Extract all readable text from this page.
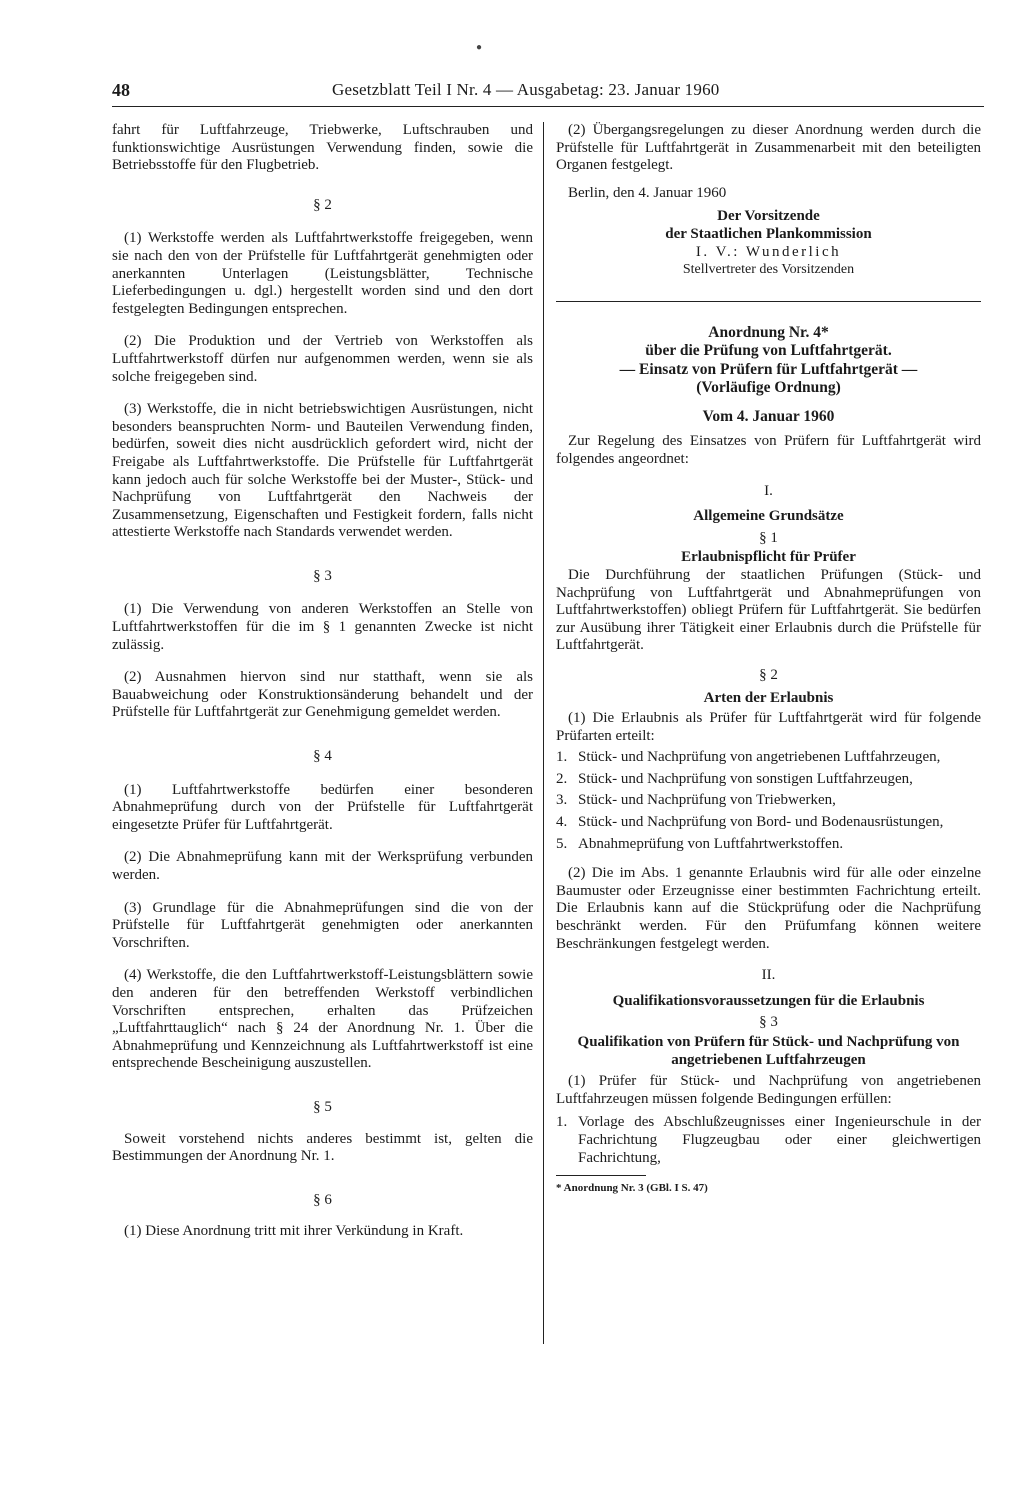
48	Gesetzblatt Teil I Nr. 4 — Ausgabetag: 23. Januar 1960
●

fahrt für Luftfahrzeuge, Triebwerke, Luftschrauben und funktionswichtige Ausrüstungen Verwendung finden, sowie die Betriebsstoffe für den Flugbetrieb.

§ 2

(1) Werkstoffe werden als Luftfahrtwerkstoffe freigegeben, wenn sie nach den von der Prüfstelle für Luftfahrtgerät genehmigten oder anerkannten Unterlagen (Leistungsblätter, Technische Lieferbedingungen u. dgl.) hergestellt worden sind und den dort festgelegten Bedingungen entsprechen.

(2) Die Produktion und der Vertrieb von Werkstoffen als Luftfahrtwerkstoff dürfen nur aufgenommen werden, wenn sie als solche freigegeben sind.

(3) Werkstoffe, die in nicht betriebswichtigen Ausrüstungen, nicht besonders beanspruchten Norm- und Bauteilen Verwendung finden, bedürfen, soweit dies nicht ausdrücklich gefordert wird, nicht der Freigabe als Luftfahrtwerkstoffe. Die Prüfstelle für Luftfahrtgerät kann jedoch auch für solche Werkstoffe bei der Muster-, Stück- und Nachprüfung von Luftfahrtgerät den Nachweis der Zusammensetzung, Eigenschaften und Festigkeit fordern, falls nicht attestierte Werkstoffe nach Standards verwendet werden.

§ 3

(1) Die Verwendung von anderen Werkstoffen an Stelle von Luftfahrtwerkstoffen für die im § 1 genannten Zwecke ist nicht zulässig.

(2) Ausnahmen hiervon sind nur statthaft, wenn sie als Bauabweichung oder Konstruktionsänderung behandelt und der Prüfstelle für Luftfahrtgerät zur Genehmigung gemeldet werden.

§ 4

(1) Luftfahrtwerkstoffe bedürfen einer besonderen Abnahmeprüfung durch von der Prüfstelle für Luftfahrtgerät eingesetzte Prüfer für Luftfahrtgerät.

(2) Die Abnahmeprüfung kann mit der Werksprüfung verbunden werden.

(3) Grundlage für die Abnahmeprüfungen sind die von der Prüfstelle für Luftfahrtgerät genehmigten oder anerkannten Vorschriften.

(4) Werkstoffe, die den Luftfahrtwerkstoff-Leistungsblättern sowie den anderen für den betreffenden Werkstoff verbindlichen Vorschriften entsprechen, erhalten das Prüfzeichen „Luftfahrttauglich“ nach § 24 der Anordnung Nr. 1. Über die Abnahmeprüfung und Kennzeichnung als Luftfahrtwerkstoff ist eine entsprechende Bescheinigung auszustellen.

§ 5

Soweit vorstehend nichts anderes bestimmt ist, gelten die Bestimmungen der Anordnung Nr. 1.

§ 6

(1) Diese Anordnung tritt mit ihrer Verkündung in Kraft.

(2) Übergangsregelungen zu dieser Anordnung werden durch die Prüfstelle für Luftfahrtgerät in Zusammenarbeit mit den beteiligten Organen festgelegt.

Berlin, den 4. Januar 1960

Der Vorsitzende
der Staatlichen Plankommission
I. V.: Wunderlich
Stellvertreter des Vorsitzenden
Anordnung Nr. 4*
über die Prüfung von Luftfahrtgerät.
— Einsatz von Prüfern für Luftfahrtgerät —
(Vorläufige Ordnung)
Vom 4. Januar 1960

Zur Regelung des Einsatzes von Prüfern für Luftfahrtgerät wird folgendes angeordnet:

I.

Allgemeine Grundsätze

§ 1

Erlaubnispflicht für Prüfer

Die Durchführung der staatlichen Prüfungen (Stück- und Nachprüfung von Luftfahrtgerät und Abnahmeprüfungen von Luftfahrtwerkstoffen) obliegt Prüfern für Luftfahrtgerät. Sie bedürfen zur Ausübung ihrer Tätigkeit einer Erlaubnis durch die Prüfstelle für Luftfahrtgerät.

§ 2

Arten der Erlaubnis

(1) Die Erlaubnis als Prüfer für Luftfahrtgerät wird für folgende Prüfarten erteilt:

1. Stück- und Nachprüfung von angetriebenen Luftfahrzeugen,
2. Stück- und Nachprüfung von sonstigen Luftfahrzeugen,
3. Stück- und Nachprüfung von Triebwerken,
4. Stück- und Nachprüfung von Bord- und Bodenausrüstungen,
5. Abnahmeprüfung von Luftfahrtwerkstoffen.

(2) Die im Abs. 1 genannte Erlaubnis wird für alle oder einzelne Baumuster oder Erzeugnisse einer bestimmten Fachrichtung erteilt. Die Erlaubnis kann auf die Stückprüfung oder die Nachprüfung beschränkt werden. Für den Prüfumfang können weitere Beschränkungen festgelegt werden.

II.

Qualifikationsvoraussetzungen für die Erlaubnis

§ 3

Qualifikation von Prüfern für Stück- und Nachprüfung von angetriebenen Luftfahrzeugen

(1) Prüfer für Stück- und Nachprüfung von angetriebenen Luftfahrzeugen müssen folgende Bedingungen erfüllen:

1. Vorlage des Abschlußzeugnisses einer Ingenieurschule in der Fachrichtung Flugzeugbau oder einer gleichwertigen Fachrichtung,
* Anordnung Nr. 3 (GBl. I S. 47)
